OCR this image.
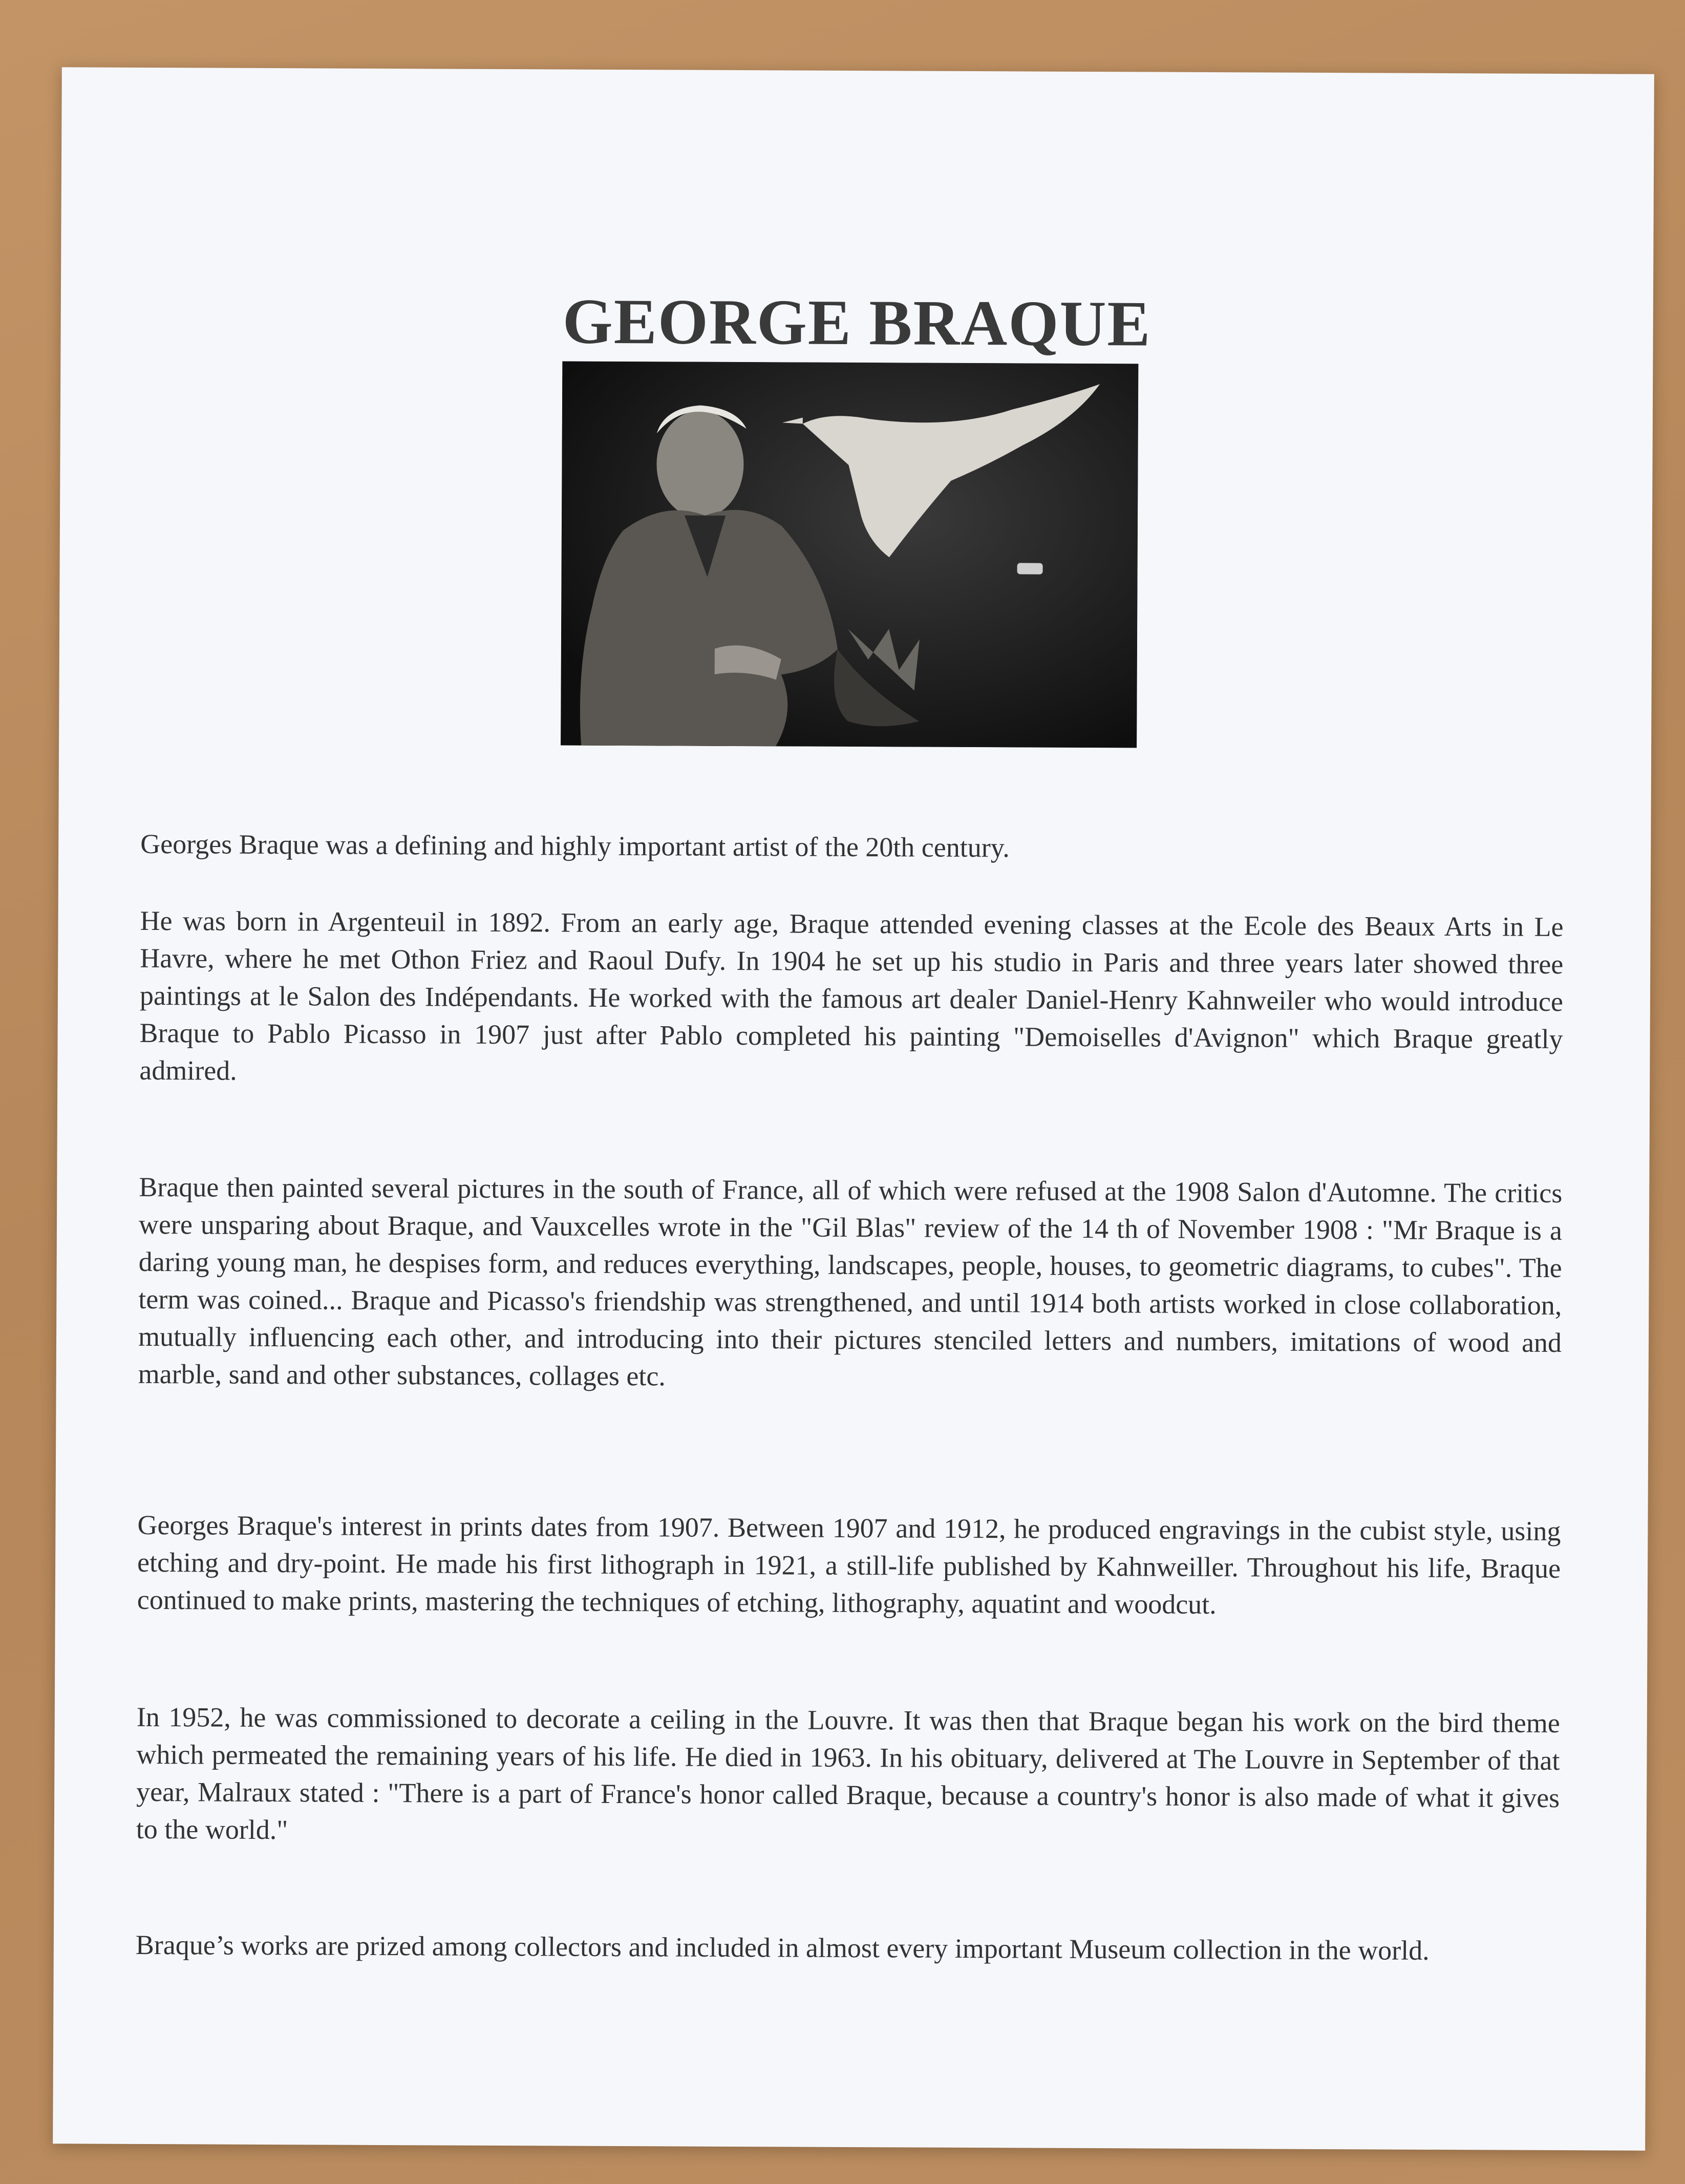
GEORGE BRAQUE
Georges Braque was a defining and highly important artist of the 20th century.
He was born in Argenteuil in 1892. From an early age, Braque attended evening classes at the Ecole des Beaux Arts in Le Havre, where he met Othon Friez and Raoul Dufy. In 1904 he set up his studio in Paris and three years later showed three paintings at le Salon des Indépendants. He worked with the famous art dealer Daniel-Henry Kahnweiler who would introduce Braque to Pablo Picasso in 1907 just after Pablo completed his painting "Demoiselles d'Avignon" which Braque greatly admired.
Braque then painted several pictures in the south of France, all of which were refused at the 1908 Salon d'Automne. The critics were unsparing about Braque, and Vauxcelles wrote in the "Gil Blas" review of the 14 th of November 1908 : "Mr Braque is a daring young man, he despises form, and reduces everything, landscapes, people, houses, to geometric diagrams, to cubes". The term was coined... Braque and Picasso's friendship was strengthened, and until 1914 both artists worked in close collaboration, mutually influencing each other, and introducing into their pictures stenciled letters and numbers, imitations of wood and marble, sand and other substances, collages etc.
Georges Braque's interest in prints dates from 1907. Between 1907 and 1912, he produced engravings in the cubist style, using etching and dry-point. He made his first lithograph in 1921, a still-life published by Kahnweiller. Throughout his life, Braque continued to make prints, mastering the techniques of etching, lithography, aquatint and woodcut.
In 1952, he was commissioned to decorate a ceiling in the Louvre. It was then that Braque began his work on the bird theme which permeated the remaining years of his life. He died in 1963. In his obituary, delivered at The Louvre in September of that year, Malraux stated : "There is a part of France's honor called Braque, because a country's honor is also made of what it gives to the world."
Braque’s works are prized among collectors and included in almost every important Museum collection in the world.
